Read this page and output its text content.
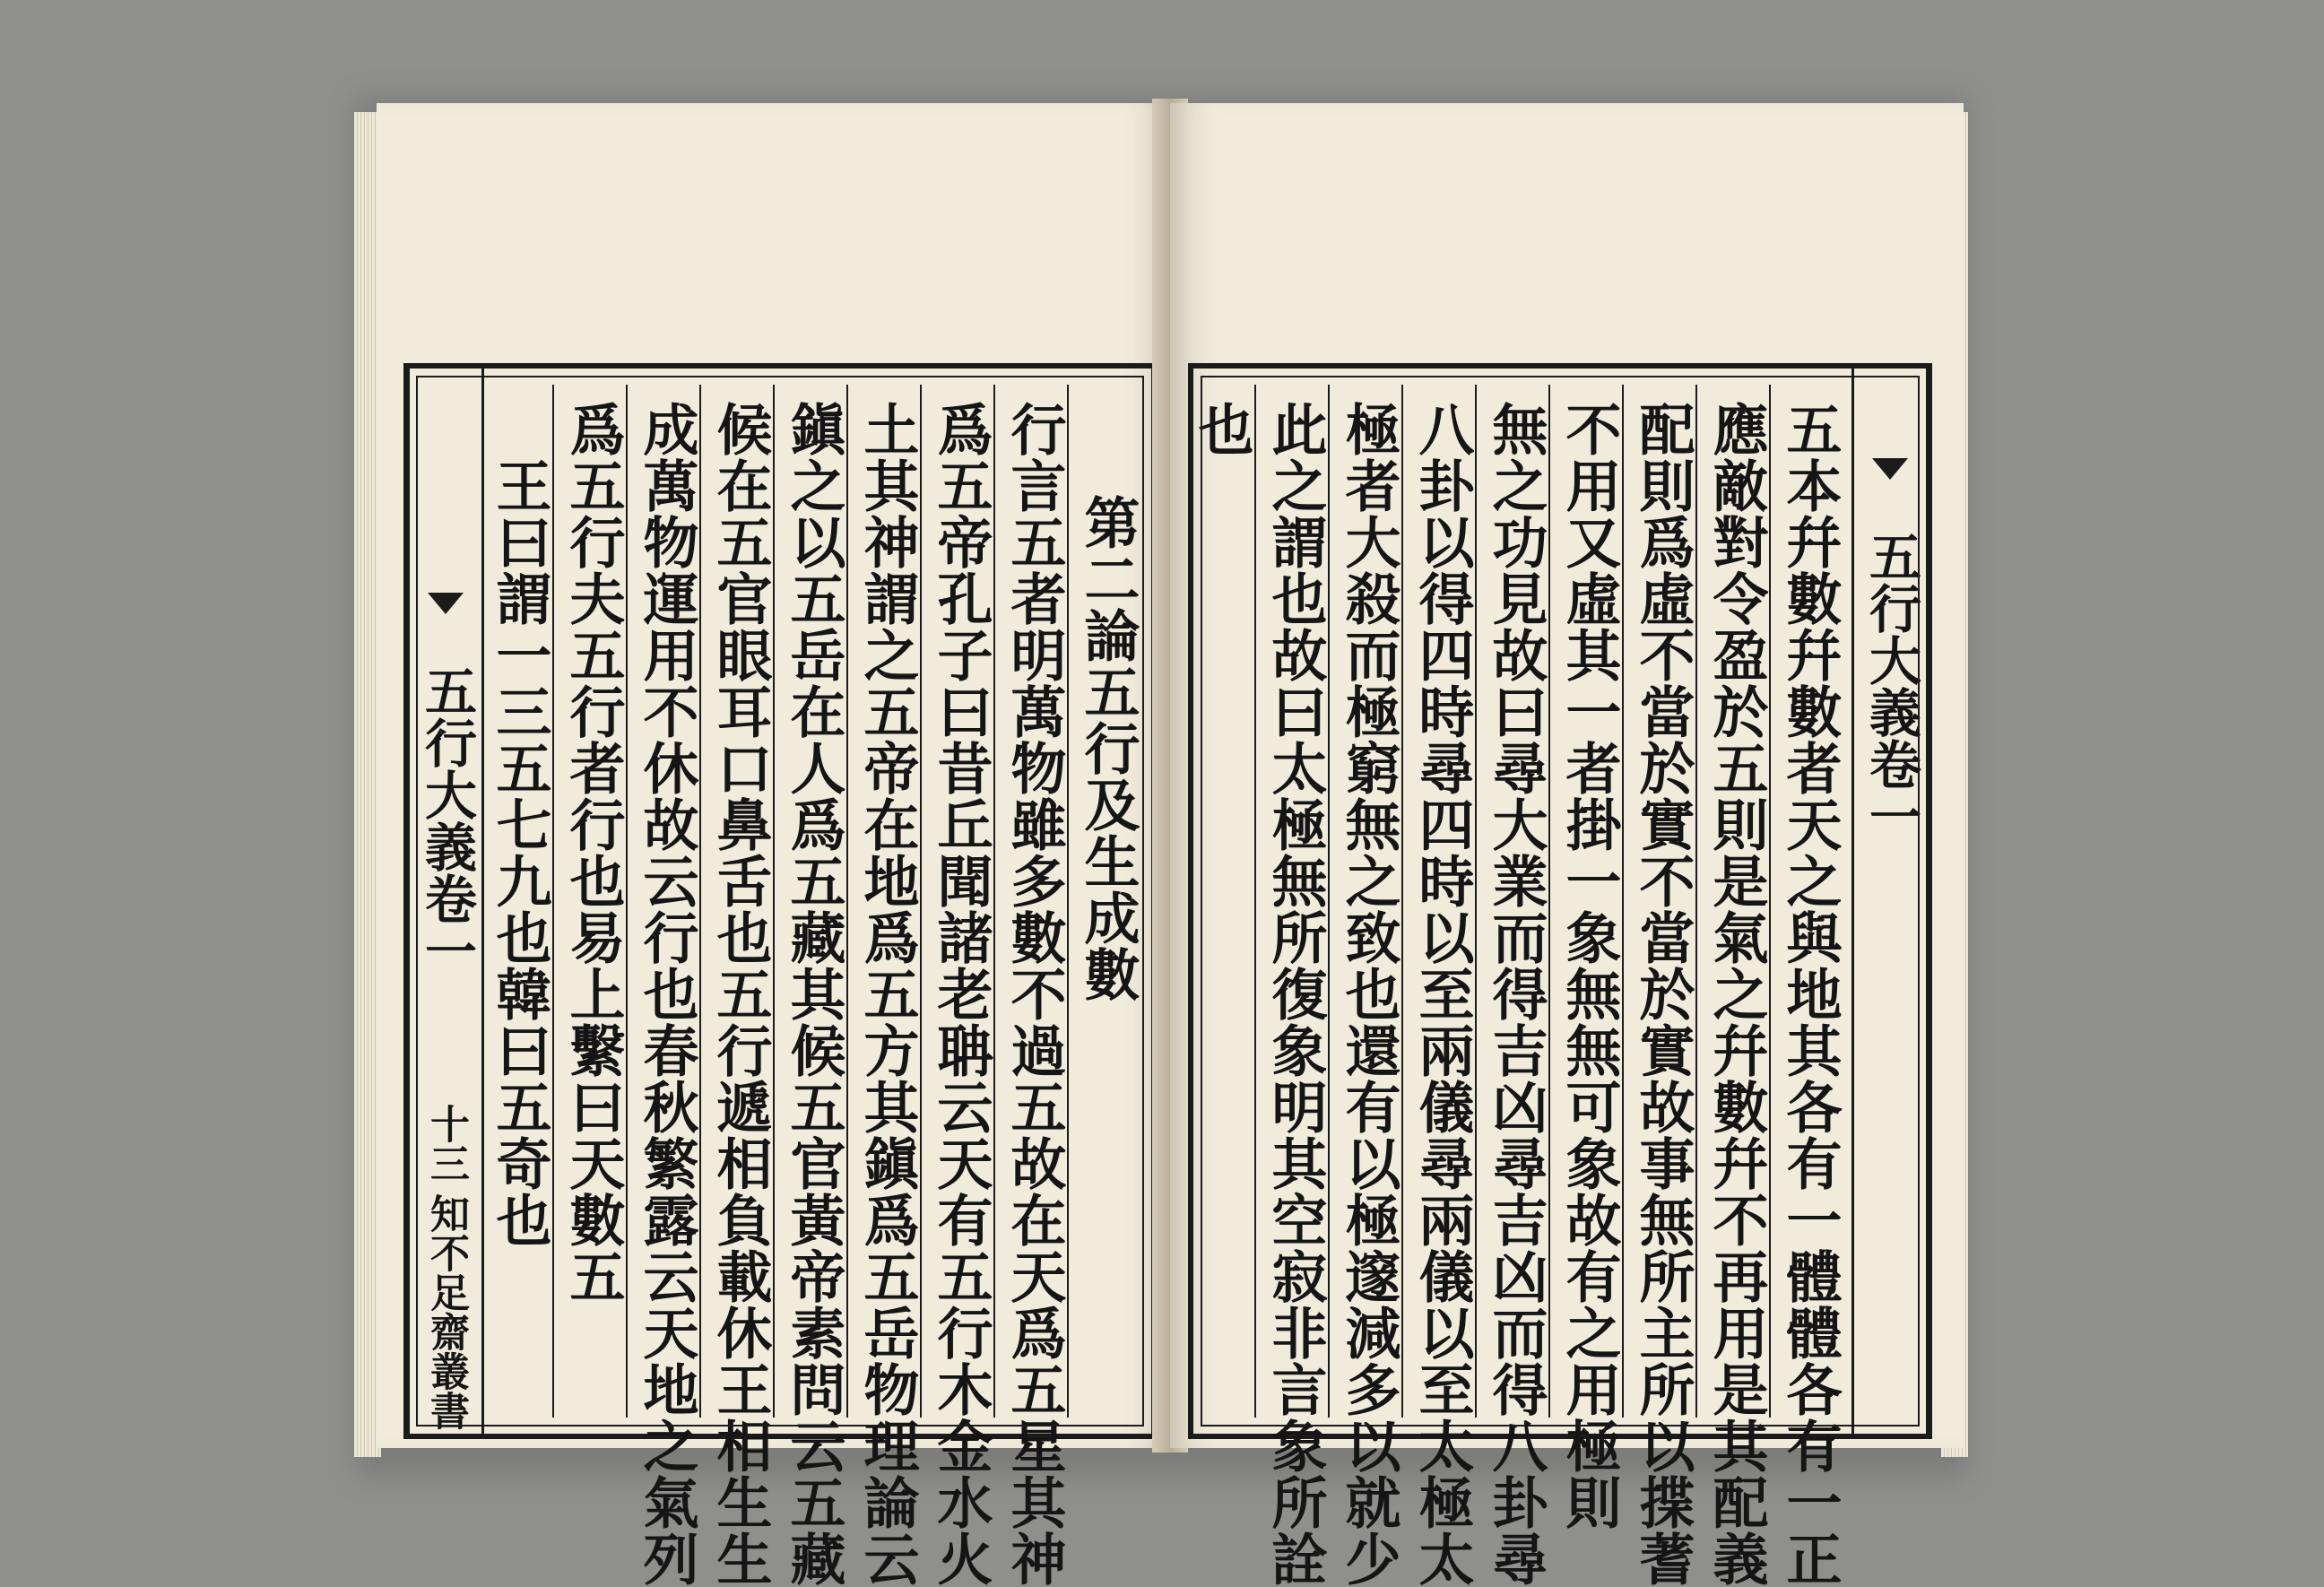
第二論五行及生成數
行言五者明萬物雖多數不過五故在天爲五星其神
爲五帝孔子曰昔丘聞諸老聃云天有五行木金水火
土其神謂之五帝在地爲五方其鎭爲五岳物理論云
鎭之以五岳在人爲五藏其候五官黃帝素問云五藏
候在五官眼耳口鼻舌也五行遞相負載休王相生生
成萬物運用不休故云行也春秋繁露云天地之氣列
爲五行夫五行者行也易上繫曰天數五
　王曰謂一三五七九也韓曰五奇也
五行大義卷一
十三
知不足齋叢書
五行大義卷一
五本幷數幷數者天之與地其各有一體體各有一正
應敵對令盈於五則是氣之幷數幷不再用是其配義
配則爲虛不當於實不當於實故事無所主所以揲蓍
不用又虛其一者掛一象無無可象故有之用極則
無之功見故曰尋大業而得吉凶尋吉凶而得八卦尋
八卦以得四時尋四時以至兩儀尋兩儀以至太極太
極者大殺而極窮無之致也還有以極邃減多以就少
此之謂也故曰太極無所復象明其空寂非言象所詮
也
